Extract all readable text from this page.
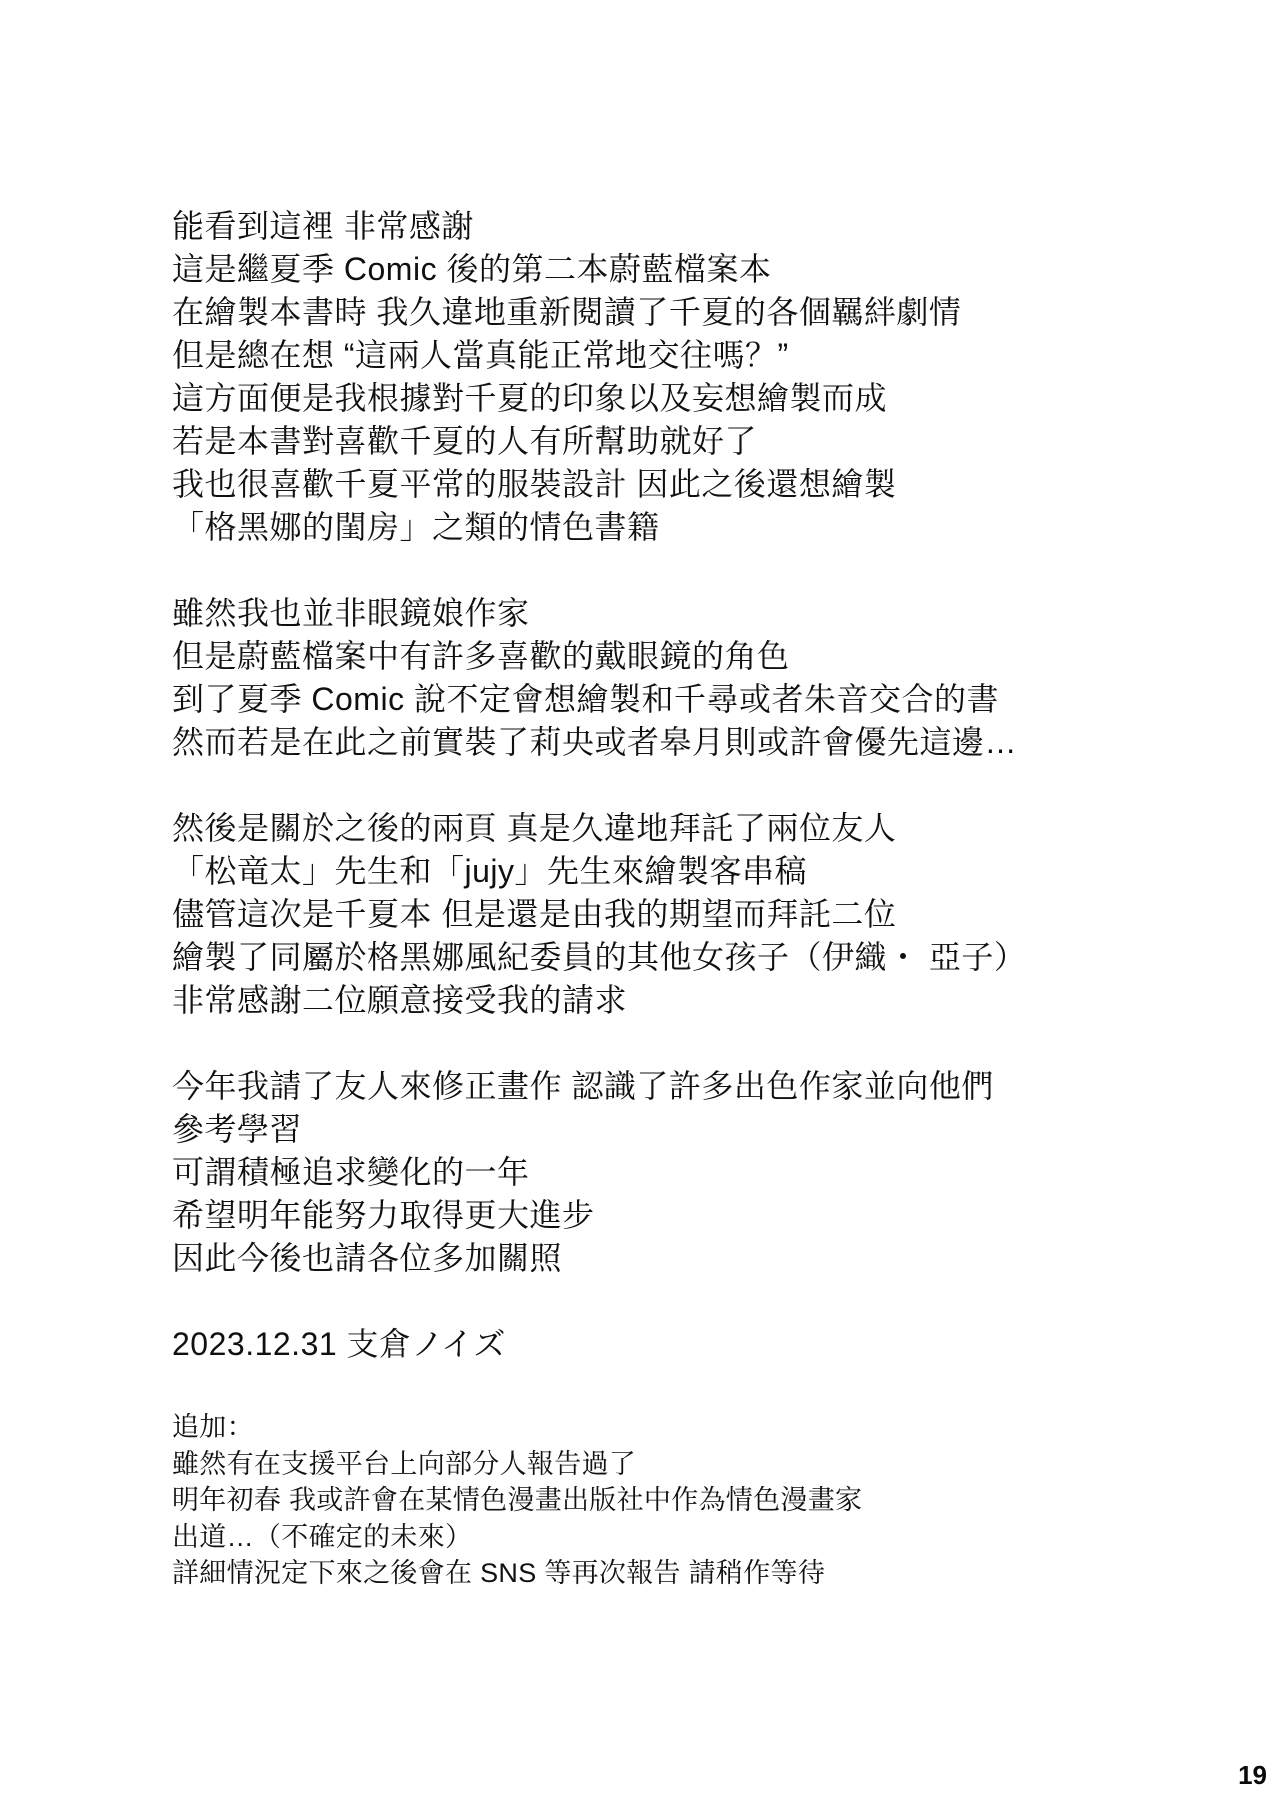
能看到這裡 非常感謝
這是繼夏季 Comic 後的第二本蔚藍檔案本
在繪製本書時 我久違地重新閱讀了千夏的各個羈絆劇情
但是總在想 “這兩人當真能正常地交往嗎？”
這方面便是我根據對千夏的印象以及妄想繪製而成
若是本書對喜歡千夏的人有所幫助就好了
我也很喜歡千夏平常的服裝設計 因此之後還想繪製
「格黑娜的閨房」之類的情色書籍
雖然我也並非眼鏡娘作家
但是蔚藍檔案中有許多喜歡的戴眼鏡的角色
到了夏季 Comic 說不定會想繪製和千尋或者朱音交合的書
然而若是在此之前實裝了莉央或者皋月則或許會優先這邊…
然後是關於之後的兩頁 真是久違地拜託了兩位友人
「松竜太」先生和「jujy」先生來繪製客串稿
儘管這次是千夏本 但是還是由我的期望而拜託二位
繪製了同屬於格黑娜風紀委員的其他女孩子（伊織・ 亞子）
非常感謝二位願意接受我的請求
今年我請了友人來修正畫作 認識了許多出色作家並向他們
參考學習
可謂積極追求變化的一年
希望明年能努力取得更大進步
因此今後也請各位多加關照
2023.12.31 支倉ノイズ
追加：
雖然有在支援平台上向部分人報告過了
明年初春 我或許會在某情色漫畫出版社中作為情色漫畫家
出道…（不確定的未來）
詳細情況定下來之後會在 SNS 等再次報告 請稍作等待
19
